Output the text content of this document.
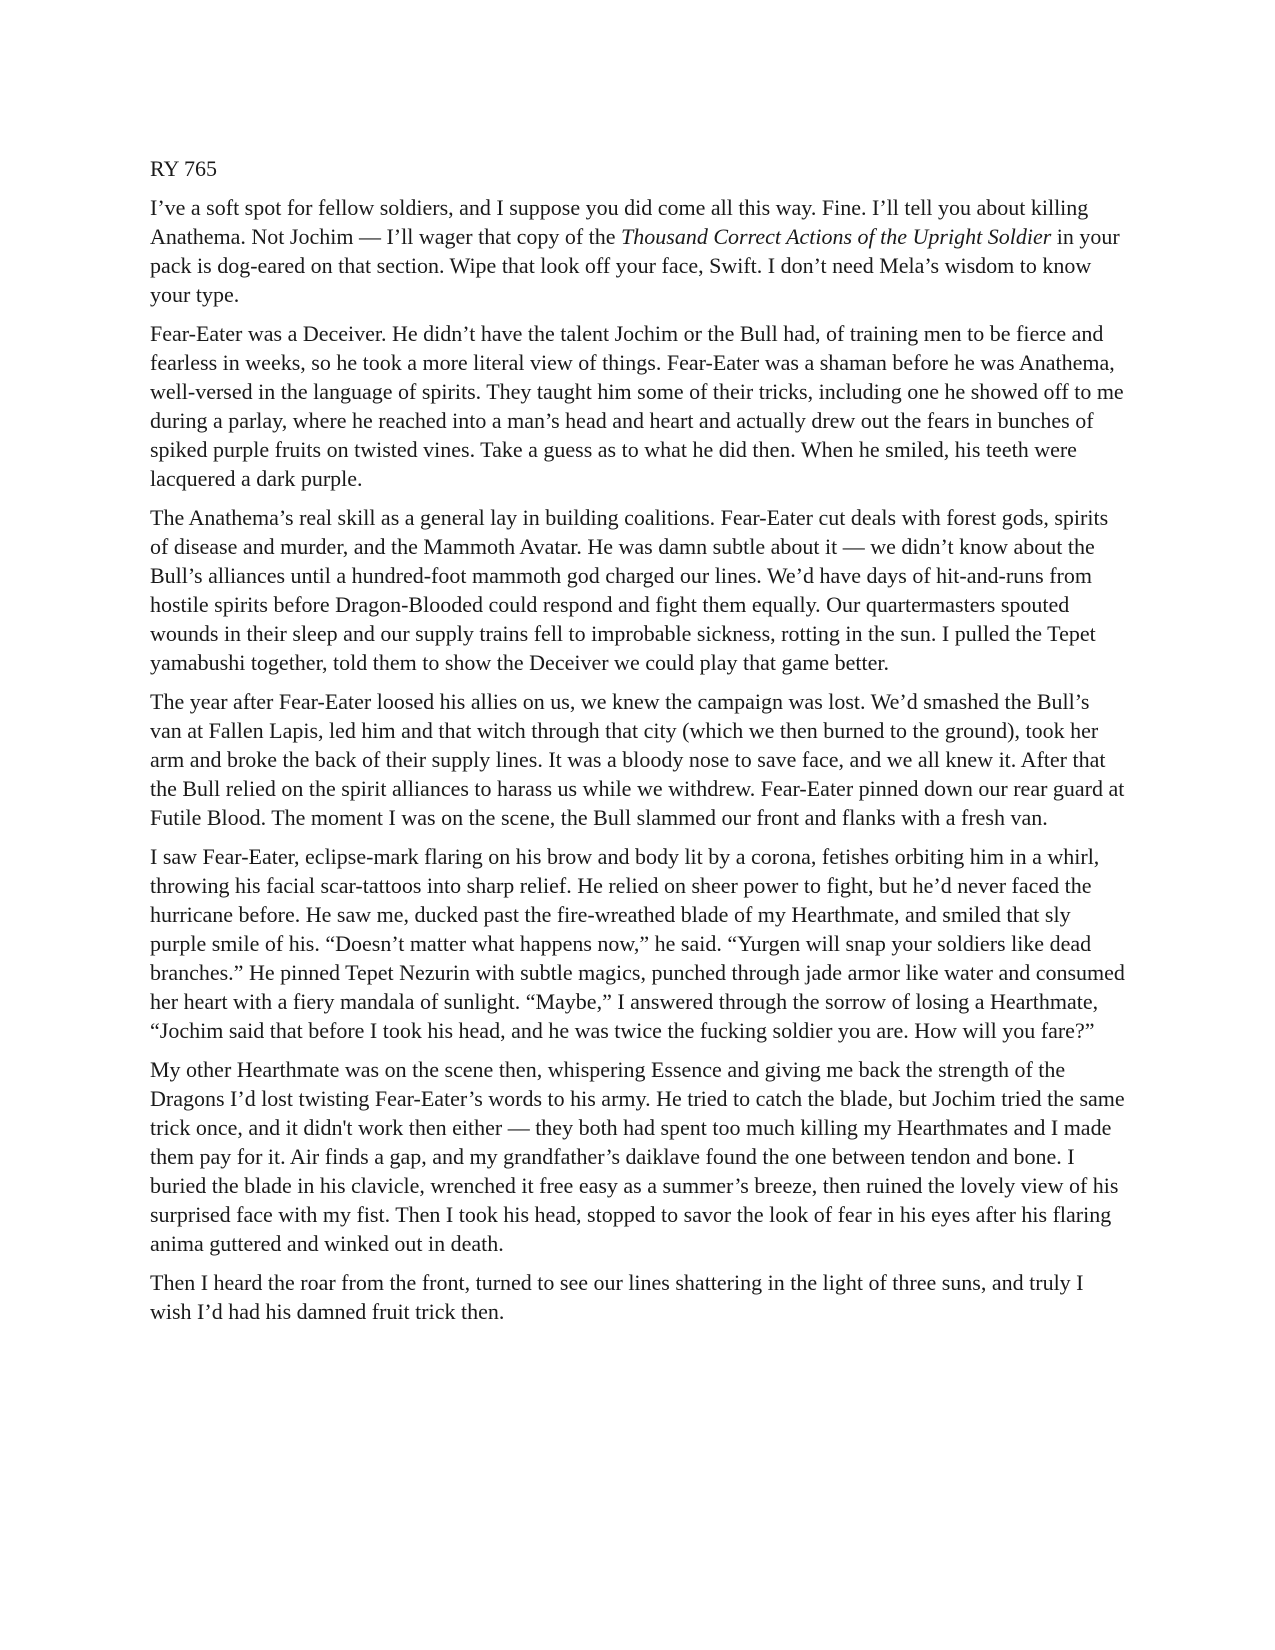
RY 765

I’ve a soft spot for fellow soldiers, and I suppose you did come all this way. Fine. I’ll tell you about killing Anathema. Not Jochim — I’ll wager that copy of the Thousand Correct Actions of the Upright Soldier in your pack is dog-eared on that section. Wipe that look off your face, Swift. I don’t need Mela’s wisdom to know your type.

Fear-Eater was a Deceiver. He didn’t have the talent Jochim or the Bull had, of training men to be fierce and fearless in weeks, so he took a more literal view of things. Fear-Eater was a shaman before he was Anathema, well-versed in the language of spirits. They taught him some of their tricks, including one he showed off to me during a parlay, where he reached into a man’s head and heart and actually drew out the fears in bunches of spiked purple fruits on twisted vines. Take a guess as to what he did then. When he smiled, his teeth were lacquered a dark purple.

The Anathema’s real skill as a general lay in building coalitions. Fear-Eater cut deals with forest gods, spirits of disease and murder, and the Mammoth Avatar. He was damn subtle about it — we didn’t know about the Bull’s alliances until a hundred-foot mammoth god charged our lines. We’d have days of hit-and-runs from hostile spirits before Dragon-Blooded could respond and fight them equally. Our quartermasters spouted wounds in their sleep and our supply trains fell to improbable sickness, rotting in the sun. I pulled the Tepet yamabushi together, told them to show the Deceiver we could play that game better.

The year after Fear-Eater loosed his allies on us, we knew the campaign was lost. We’d smashed the Bull’s van at Fallen Lapis, led him and that witch through that city (which we then burned to the ground), took her arm and broke the back of their supply lines. It was a bloody nose to save face, and we all knew it. After that the Bull relied on the spirit alliances to harass us while we withdrew. Fear-Eater pinned down our rear guard at Futile Blood. The moment I was on the scene, the Bull slammed our front and flanks with a fresh van.

I saw Fear-Eater, eclipse-mark flaring on his brow and body lit by a corona, fetishes orbiting him in a whirl, throwing his facial scar-tattoos into sharp relief. He relied on sheer power to fight, but he’d never faced the hurricane before. He saw me, ducked past the fire-wreathed blade of my Hearthmate, and smiled that sly purple smile of his. “Doesn’t matter what happens now,” he said. “Yurgen will snap your soldiers like dead branches.” He pinned Tepet Nezurin with subtle magics, punched through jade armor like water and consumed her heart with a fiery mandala of sunlight. “Maybe,” I answered through the sorrow of losing a Hearthmate, “Jochim said that before I took his head, and he was twice the fucking soldier you are. How will you fare?”

My other Hearthmate was on the scene then, whispering Essence and giving me back the strength of the Dragons I’d lost twisting Fear-Eater’s words to his army. He tried to catch the blade, but Jochim tried the same trick once, and it didn't work then either — they both had spent too much killing my Hearthmates and I made them pay for it. Air finds a gap, and my grandfather’s daiklave found the one between tendon and bone. I buried the blade in his clavicle, wrenched it free easy as a summer’s breeze, then ruined the lovely view of his surprised face with my fist. Then I took his head, stopped to savor the look of fear in his eyes after his flaring anima guttered and winked out in death.

Then I heard the roar from the front, turned to see our lines shattering in the light of three suns, and truly I wish I’d had his damned fruit trick then.
